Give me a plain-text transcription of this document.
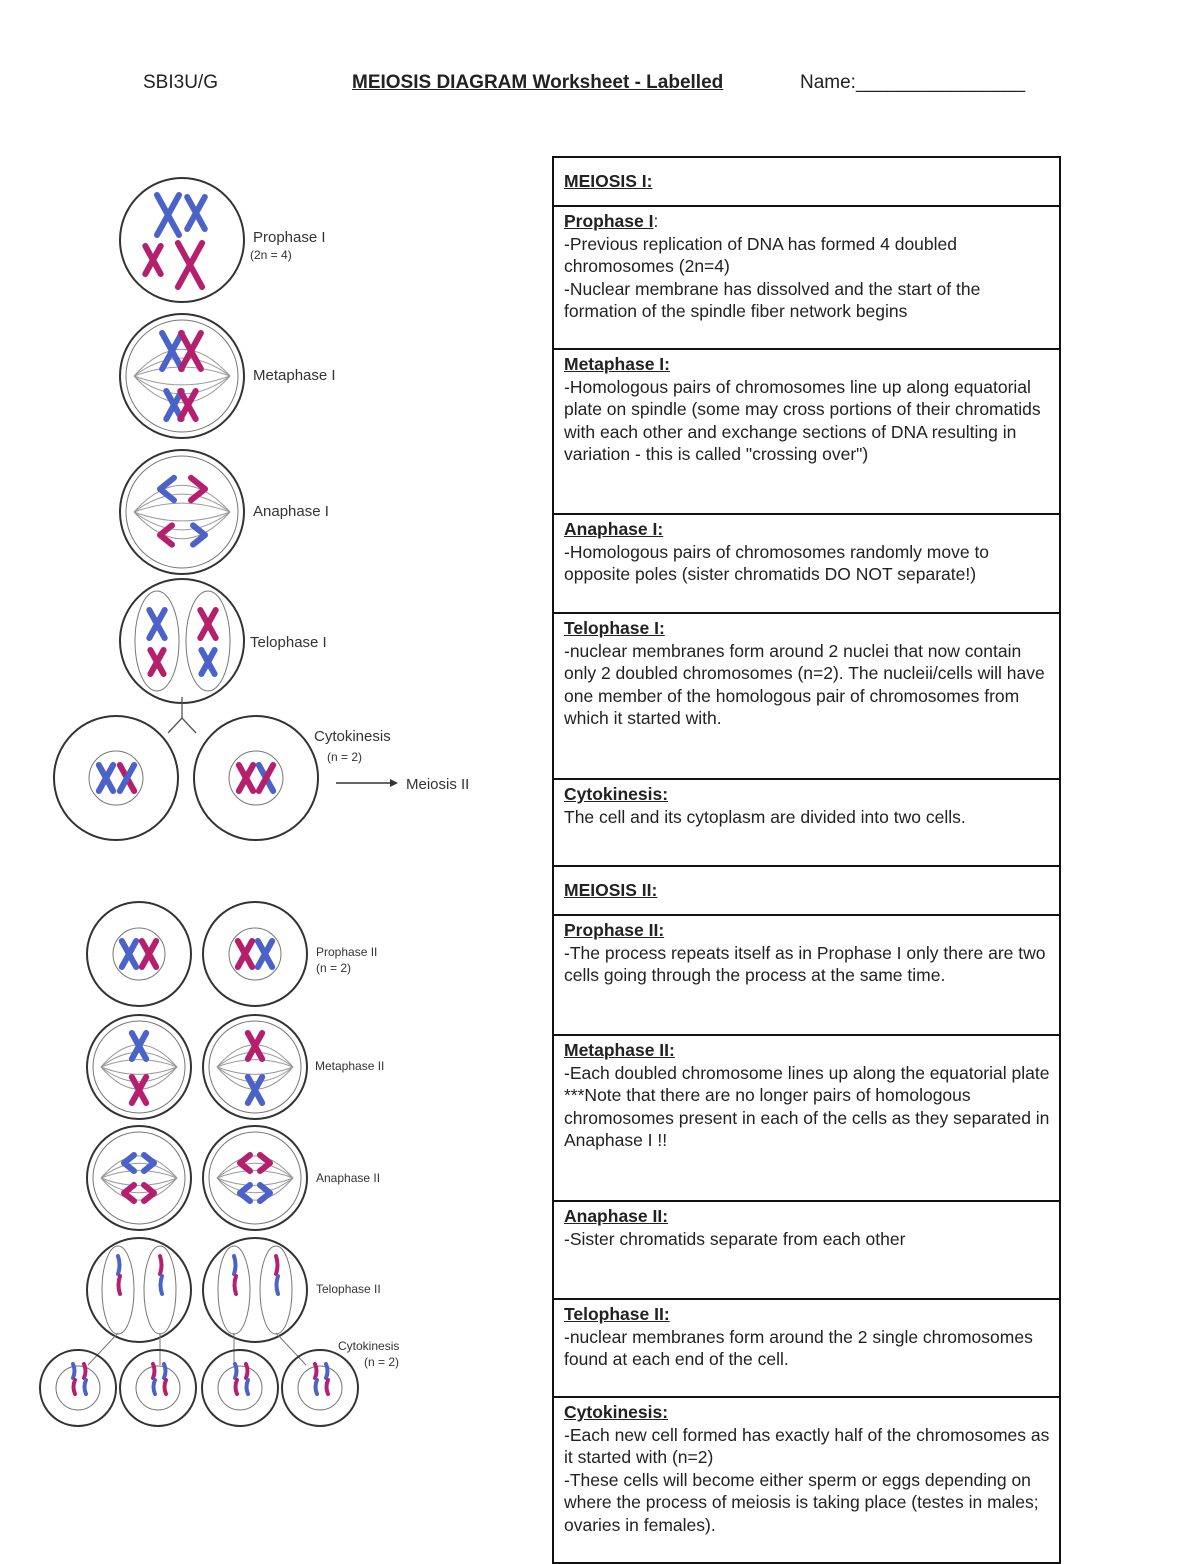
SBI3U/G	MEIOSIS DIAGRAM Worksheet - Labelled	Name:________________
Prophase I
(2n = 4)
Metaphase I
Anaphase I
Telophase I
Cytokinesis
(n = 2)
Meiosis II
Prophase II
(n = 2)
Metaphase II
Anaphase II
Telophase II
Cytokinesis
(n = 2)
MEIOSIS I:
Prophase I:
-Previous replication of DNA has formed 4 doubled chromosomes (2n=4)
-Nuclear membrane has dissolved and the start of the formation of the spindle fiber network begins

Metaphase I:
-Homologous pairs of chromosomes line up along equatorial plate on spindle (some may cross portions of their chromatids with each other and exchange sections of DNA resulting in variation - this is called "crossing over")

Anaphase I:
-Homologous pairs of chromosomes randomly move to opposite poles (sister chromatids DO NOT separate!)

Telophase I:
-nuclear membranes form around 2 nuclei that now contain only 2 doubled chromosomes (n=2). The nucleii/cells will have one member of the homologous pair of chromosomes from which it started with.

Cytokinesis:
The cell and its cytoplasm are divided into two cells.

MEIOSIS II:
Prophase II:
-The process repeats itself as in Prophase I only there are two cells going through the process at the same time.

Metaphase II:
-Each doubled chromosome lines up along the equatorial plate
***Note that there are no longer pairs of homologous chromosomes present in each of the cells as they separated in Anaphase I !!

Anaphase II:
-Sister chromatids separate from each other

Telophase II:
-nuclear membranes form around the 2 single chromosomes found at each end of the cell.

Cytokinesis:
-Each new cell formed has exactly half of the chromosomes as it started with (n=2)
-These cells will become either sperm or eggs depending on where the process of meiosis is taking place (testes in males; ovaries in females).
